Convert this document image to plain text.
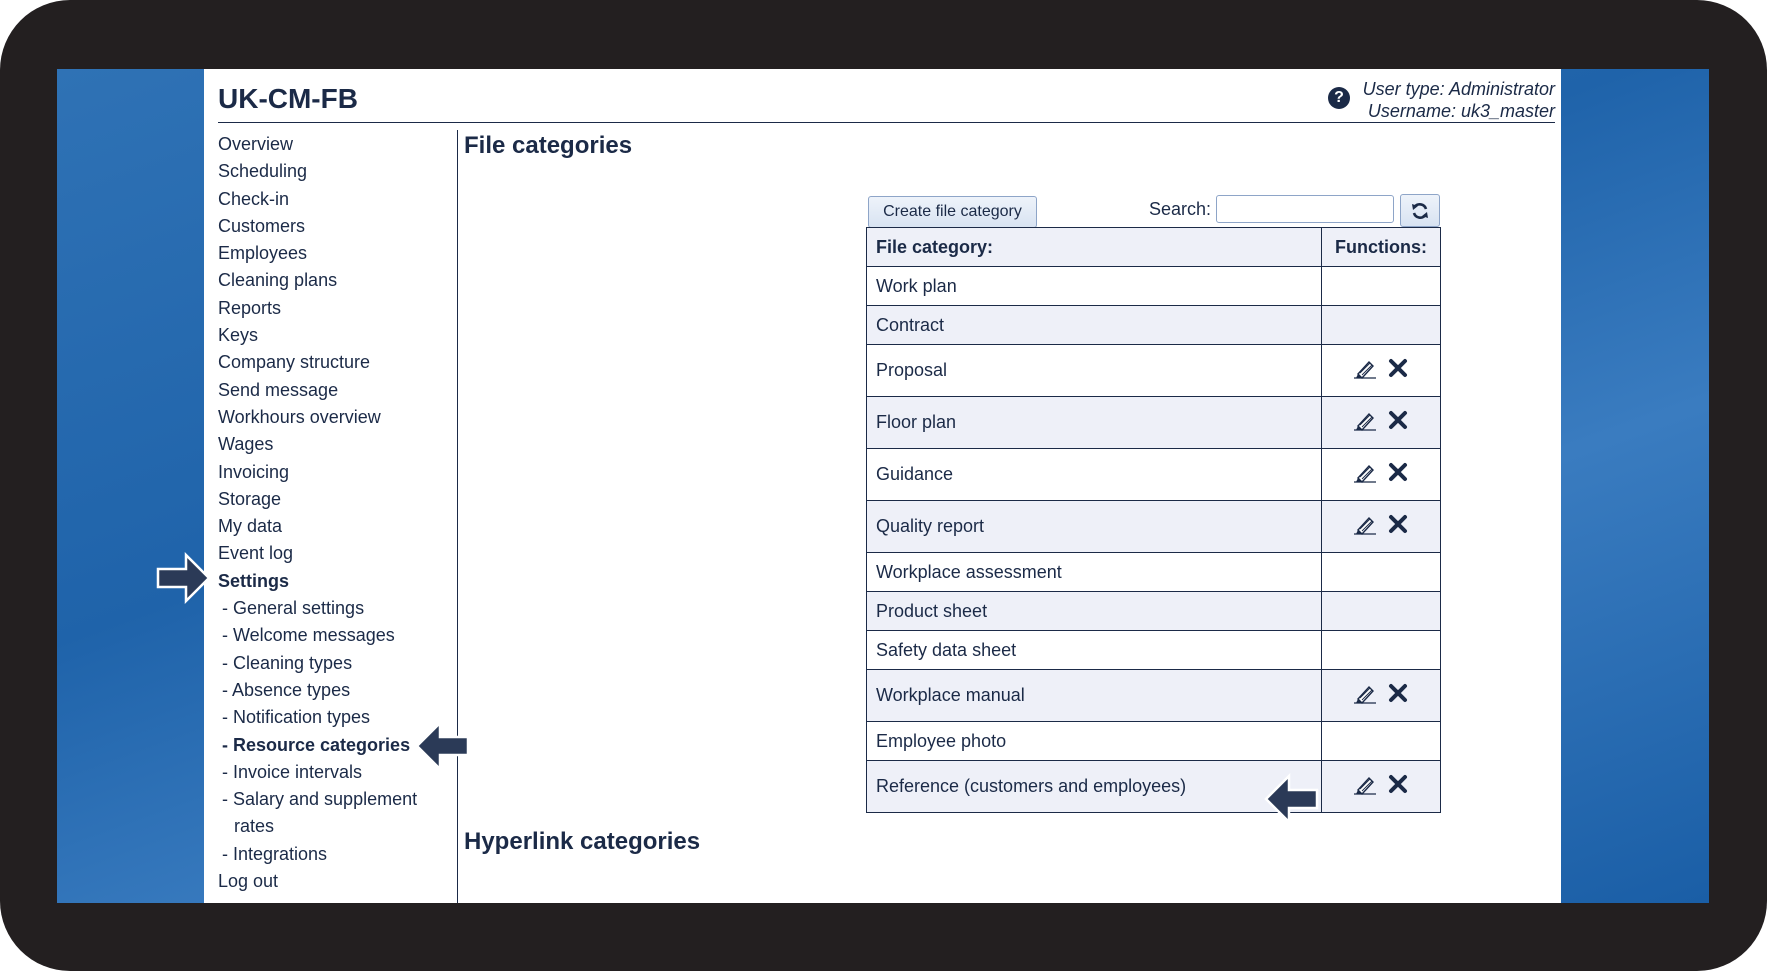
UK-CM-FB	?	User type: Administrator
Username: uk3_master
Overview
Scheduling
Check-in
Customers
Employees
Cleaning plans
Reports
Keys
Company structure
Send message
Workhours overview
Wages
Invoicing
Storage
My data
Event log
Settings
- General settings
- Welcome messages
- Cleaning types
- Absence types
- Notification types
- Resource categories
- Invoice intervals
- Salary and supplement
rates
- Integrations
Log out
File categories
Create file category	Search:
File category:	Functions:
Work plan	
Contract	
Proposal	

Floor plan	

Guidance	

Quality report	

Workplace assessment	
Product sheet	
Safety data sheet	
Workplace manual	

Employee photo	
Reference (customers and employees)	
Hyperlink categories
